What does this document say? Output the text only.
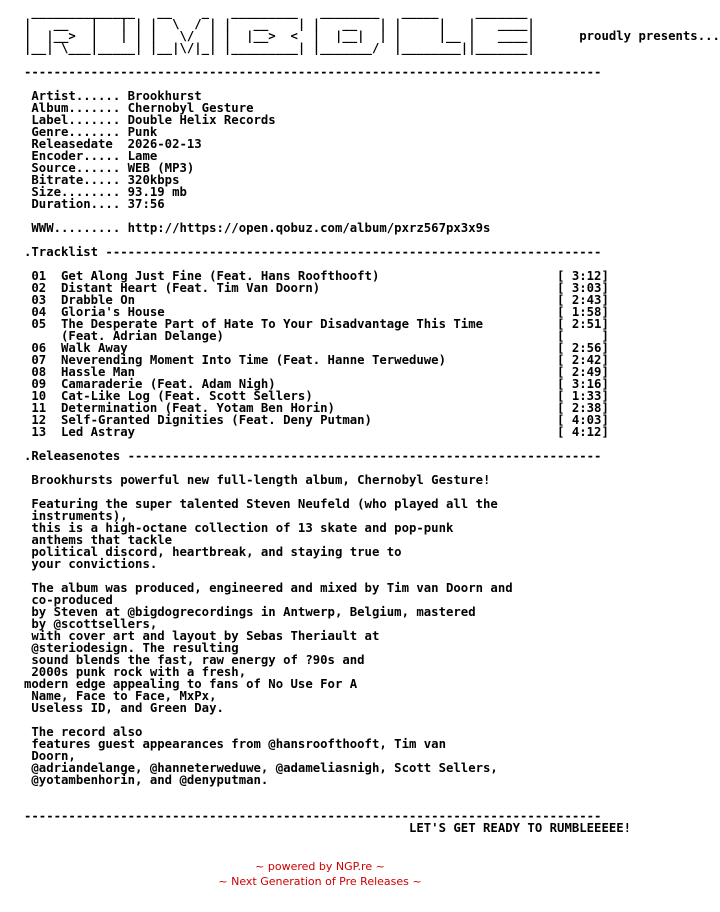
______________   __    _   _________   ________   _____     _______
|   __   |   | | |  \  / | |   __    | |   __   | |     |   |   ____|
|  |__>  |   | | |   \/  | |  |__>  <  |  |__|  | |     |__ |   ____|      proudly presents...
|__| \___|_____| |__|\/|_| |_________| |_______/  |________||_______|

------------------------------------------------------------------------------

Artist...... Brookhurst
Album....... Chernobyl Gesture
Label....... Double Helix Records
Genre....... Punk
Releasedate  2026-02-13
Encoder..... Lame
Source...... WEB (MP3)
Bitrate..... 320kbps
Size........ 93.19 mb
Duration.... 37:56

WWW......... http://https://open.qobuz.com/album/pxrz567px3x9s

.Tracklist -------------------------------------------------------------------

01  Get Along Just Fine (Feat. Hans Roofthooft)                        [ 3:12]
02  Distant Heart (Feat. Tim Van Doorn)                                [ 3:03]
03  Drabble On                                                         [ 2:43]
04  Gloria's House                                                     [ 1:58]
05  The Desperate Part of Hate To Your Disadvantage This Time          [ 2:51]
(Feat. Adrian Delange)                                             [     ]
06  Walk Away                                                          [ 2:56]
07  Neverending Moment Into Time (Feat. Hanne Terweduwe)               [ 2:42]
08  Hassle Man                                                         [ 2:49]
09  Camaraderie (Feat. Adam Nigh)                                      [ 3:16]
10  Cat-Like Log (Feat. Scott Sellers)                                 [ 1:33]
11  Determination (Feat. Yotam Ben Horin)                              [ 2:38]
12  Self-Granted Dignities (Feat. Deny Putman)                         [ 4:03]
13  Led Astray                                                         [ 4:12]

.Releasenotes ----------------------------------------------------------------

Brookhursts powerful new full-length album, Chernobyl Gesture!

Featuring the super talented Steven Neufeld (who played all the
instruments),
this is a high-octane collection of 13 skate and pop-punk
anthems that tackle
political discord, heartbreak, and staying true to
your convictions.

The album was produced, engineered and mixed by Tim van Doorn and
co-produced
by Steven at @bigdogrecordings in Antwerp, Belgium, mastered
by @scottsellers,
with cover art and layout by Sebas Theriault at
@steriodesign. The resulting
sound blends the fast, raw energy of ?90s and
2000s punk rock with a fresh,
modern edge appealing to fans of No Use For A
Name, Face to Face, MxPx,
Useless ID, and Green Day.

The record also
features guest appearances from @hansroofthooft, Tim van
Doorn,
@adriandelange, @hanneterweduwe, @adameliasnigh, Scott Sellers,
@yotambenhorin, and @denyputman.

------------------------------------------------------------------------------
LET'S GET READY TO RUMBLEEEEE!

~ powered by NGP.re ~
~ Next Generation of Pre Releases ~
